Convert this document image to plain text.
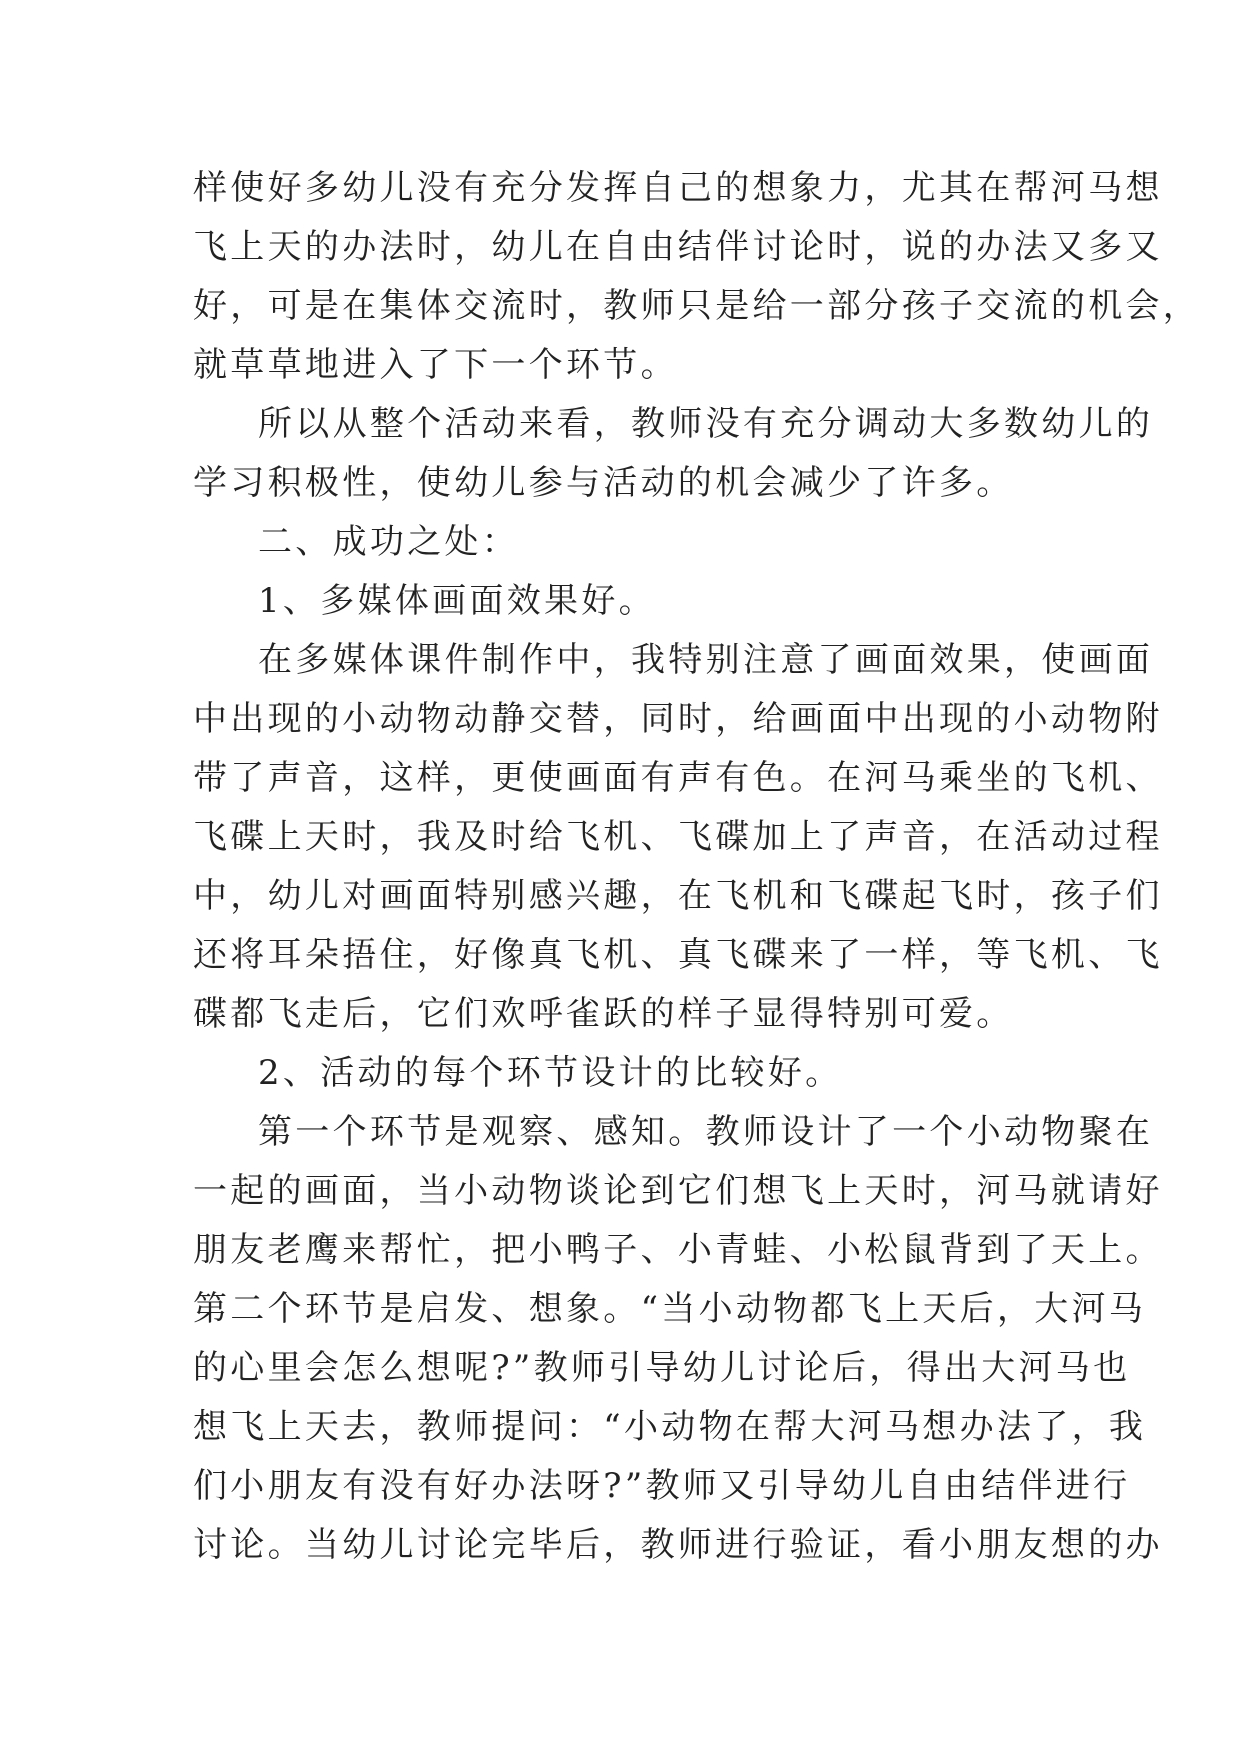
样使好多幼儿没有充分发挥自己的想象力，尤其在帮河马想
飞上天的办法时，幼儿在自由结伴讨论时，说的办法又多又
好，可是在集体交流时，教师只是给一部分孩子交流的机会，
就草草地进入了下一个环节。
所以从整个活动来看，教师没有充分调动大多数幼儿的
学习积极性，使幼儿参与活动的机会减少了许多。
二、成功之处：
1、多媒体画面效果好。
在多媒体课件制作中，我特别注意了画面效果，使画面
中出现的小动物动静交替，同时，给画面中出现的小动物附
带了声音，这样，更使画面有声有色。在河马乘坐的飞机、
飞碟上天时，我及时给飞机、飞碟加上了声音，在活动过程
中，幼儿对画面特别感兴趣，在飞机和飞碟起飞时，孩子们
还将耳朵捂住，好像真飞机、真飞碟来了一样，等飞机、飞
碟都飞走后，它们欢呼雀跃的样子显得特别可爱。
2、活动的每个环节设计的比较好。
第一个环节是观察、感知。教师设计了一个小动物聚在
一起的画面，当小动物谈论到它们想飞上天时，河马就请好
朋友老鹰来帮忙，把小鸭子、小青蛙、小松鼠背到了天上。
第二个环节是启发、想象。“当小动物都飞上天后，大河马
的心里会怎么想呢?”教师引导幼儿讨论后，得出大河马也
想飞上天去，教师提问：“小动物在帮大河马想办法了，我
们小朋友有没有好办法呀?”教师又引导幼儿自由结伴进行
讨论。当幼儿讨论完毕后，教师进行验证，看小朋友想的办
